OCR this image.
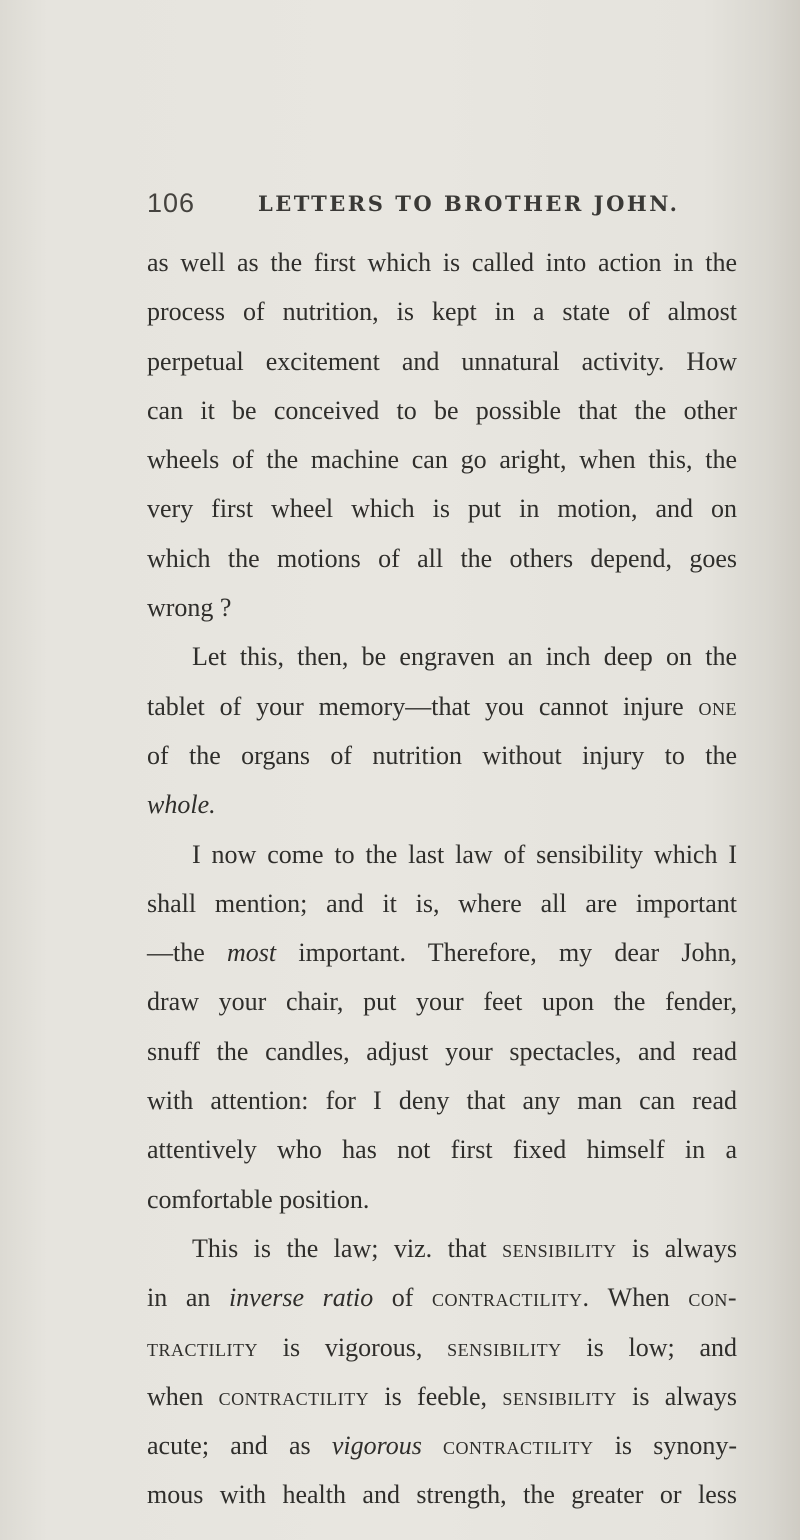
106	LETTERS TO BROTHER JOHN.

as well as the first which is called into action in the
process of nutrition, is kept in a state of almost
perpetual excitement and unnatural activity. How
can it be conceived to be possible that the other
wheels of the machine can go aright, when this, the
very first wheel which is put in motion, and on
which the motions of all the others depend, goes
wrong ?

Let this, then, be engraven an inch deep on the
tablet of your memory—that you cannot injure one
of the organs of nutrition without injury to the
whole.

I now come to the last law of sensibility which I
shall mention; and it is, where all are important
—the most important. Therefore, my dear John,
draw your chair, put your feet upon the fender,
snuff the candles, adjust your spectacles, and read
with attention: for I deny that any man can read
attentively who has not first fixed himself in a
comfortable position.

This is the law; viz. that sensibility is always
in an inverse ratio of contractility. When con-
tractility is vigorous, sensibility is low; and
when contractility is feeble, sensibility is always
acute; and as vigorous contractility is synony-
mous with health and strength, the greater or less
